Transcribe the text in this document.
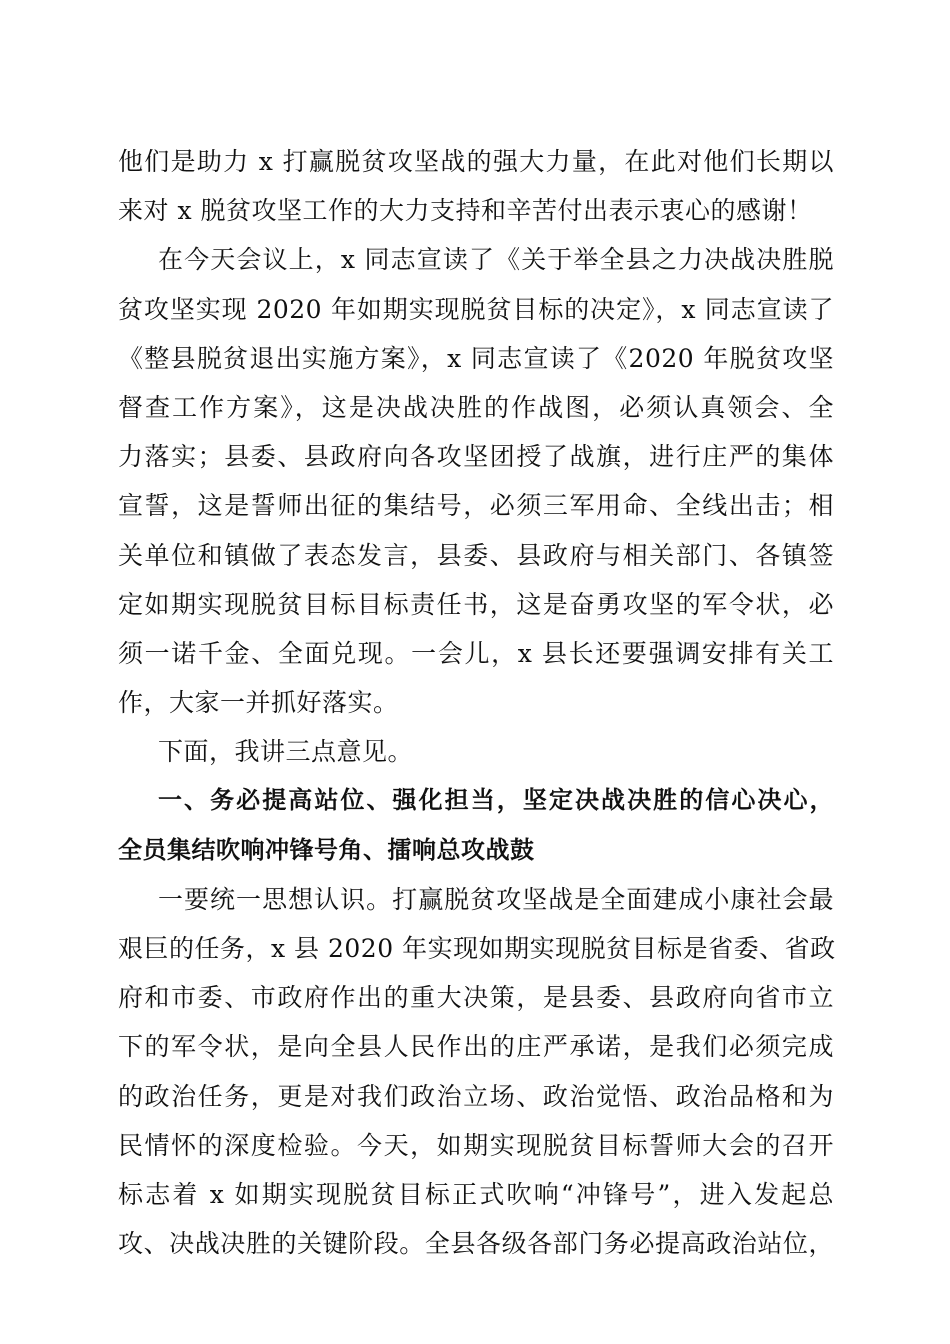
他们是助力 x 打赢脱贫攻坚战的强大力量，在此对他们长期以
来对 x 脱贫攻坚工作的大力支持和辛苦付出表示衷心的感谢！
在今天会议上，x 同志宣读了《关于举全县之力决战决胜脱
贫攻坚实现 2020 年如期实现脱贫目标的决定》，x 同志宣读了
《整县脱贫退出实施方案》，x 同志宣读了《2020 年脱贫攻坚
督查工作方案》，这是决战决胜的作战图，必须认真领会、全
力落实；县委、县政府向各攻坚团授了战旗，进行庄严的集体
宣誓，这是誓师出征的集结号，必须三军用命、全线出击；相
关单位和镇做了表态发言，县委、县政府与相关部门、各镇签
定如期实现脱贫目标目标责任书，这是奋勇攻坚的军令状，必
须一诺千金、全面兑现。一会儿，x 县长还要强调安排有关工
作，大家一并抓好落实。
下面，我讲三点意见。
一、务必提高站位、强化担当，坚定决战决胜的信心决心，
全员集结吹响冲锋号角、擂响总攻战鼓
一要统一思想认识。打赢脱贫攻坚战是全面建成小康社会最
艰巨的任务，x 县 2020 年实现如期实现脱贫目标是省委、省政
府和市委、市政府作出的重大决策，是县委、县政府向省市立
下的军令状，是向全县人民作出的庄严承诺，是我们必须完成
的政治任务，更是对我们政治立场、政治觉悟、政治品格和为
民情怀的深度检验。今天，如期实现脱贫目标誓师大会的召开
标志着 x 如期实现脱贫目标正式吹响“冲锋号”，进入发起总
攻、决战决胜的关键阶段。全县各级各部门务必提高政治站位，
